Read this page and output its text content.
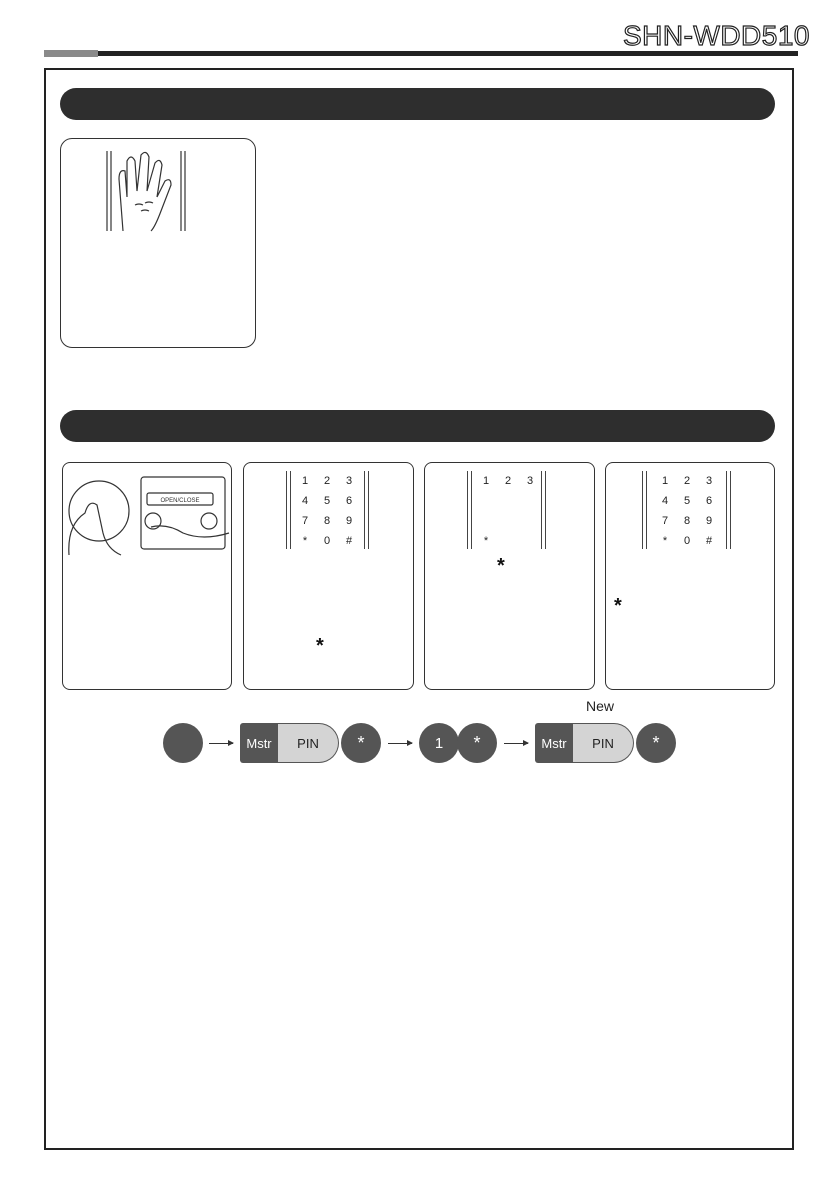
SHN-WDD510
OPEN/CLOSE
1	2	3
4	5	6
7	8	9
*	0	#
*
1	2	3
*
*
1	2	3
4	5	6
7	8	9
*	0	#
*
Mstr	PIN	*	1	*
New
Mstr	PIN	*
